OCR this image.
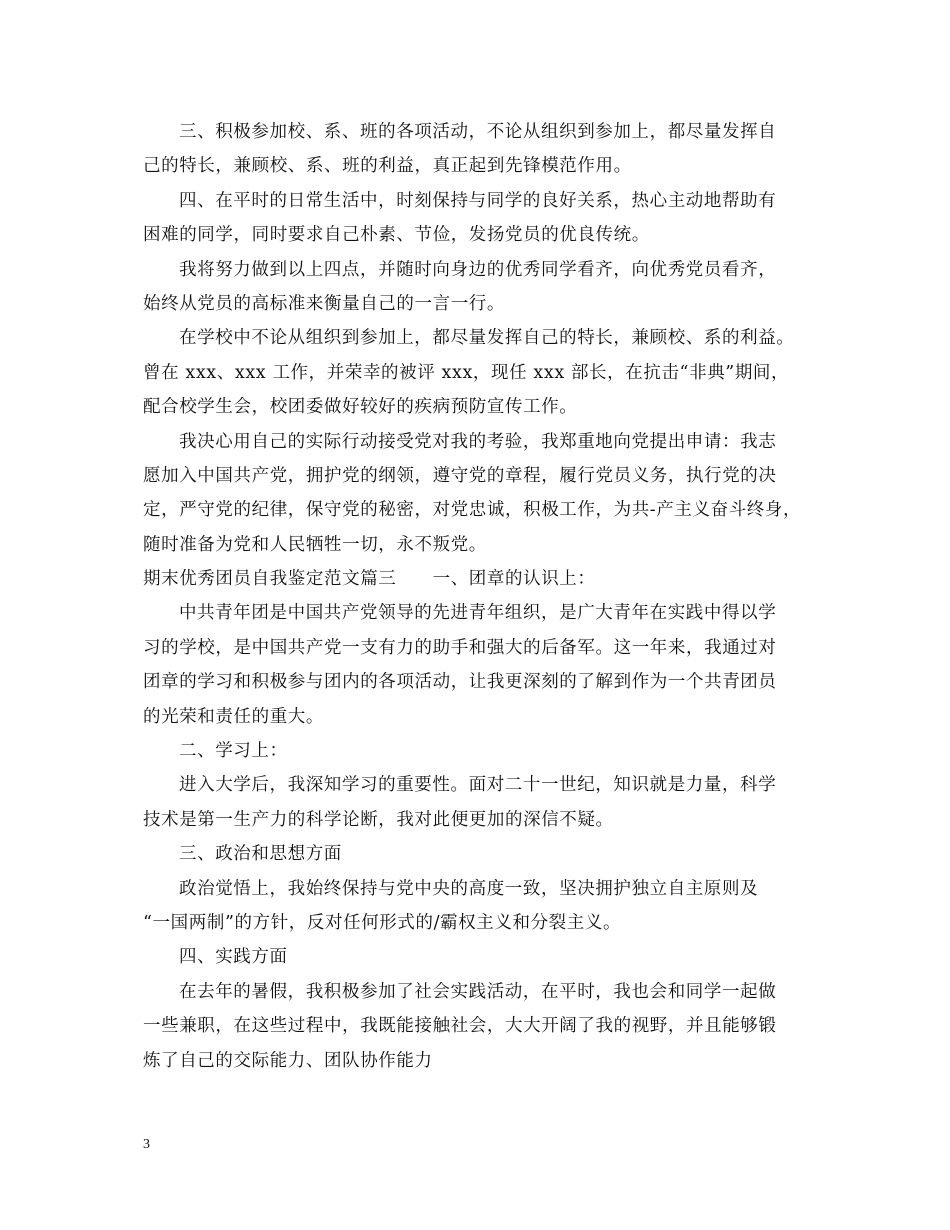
三、积极参加校、系、班的各项活动，不论从组织到参加上，都尽量发挥自
己的特长，兼顾校、系、班的利益，真正起到先锋模范作用。
四、在平时的日常生活中，时刻保持与同学的良好关系，热心主动地帮助有
困难的同学，同时要求自己朴素、节俭，发扬党员的优良传统。
我将努力做到以上四点，并随时向身边的优秀同学看齐，向优秀党员看齐，
始终从党员的高标准来衡量自己的一言一行。
在学校中不论从组织到参加上，都尽量发挥自己的特长，兼顾校、系的利益。
曾在 xxx、xxx 工作，并荣幸的被评 xxx，现任 xxx 部长，在抗击“非典”期间，
配合校学生会，校团委做好较好的疾病预防宣传工作。
我决心用自己的实际行动接受党对我的考验，我郑重地向党提出申请：我志
愿加入中国共产党，拥护党的纲领，遵守党的章程，履行党员义务，执行党的决
定，严守党的纪律，保守党的秘密，对党忠诚，积极工作，为共-产主义奋斗终身，
随时准备为党和人民牺牲一切，永不叛党。
期末优秀团员自我鉴定范文篇三　　一、团章的认识上：
中共青年团是中国共产党领导的先进青年组织，是广大青年在实践中得以学
习的学校，是中国共产党一支有力的助手和强大的后备军。这一年来，我通过对
团章的学习和积极参与团内的各项活动，让我更深刻的了解到作为一个共青团员
的光荣和责任的重大。
二、学习上：
进入大学后，我深知学习的重要性。面对二十一世纪，知识就是力量，科学
技术是第一生产力的科学论断，我对此便更加的深信不疑。
三、政治和思想方面
政治觉悟上，我始终保持与党中央的高度一致，坚决拥护独立自主原则及
“一国两制”的方针，反对任何形式的/霸权主义和分裂主义。
四、实践方面
在去年的暑假，我积极参加了社会实践活动，在平时，我也会和同学一起做
一些兼职，在这些过程中，我既能接触社会，大大开阔了我的视野，并且能够锻
炼了自己的交际能力、团队协作能力
3
